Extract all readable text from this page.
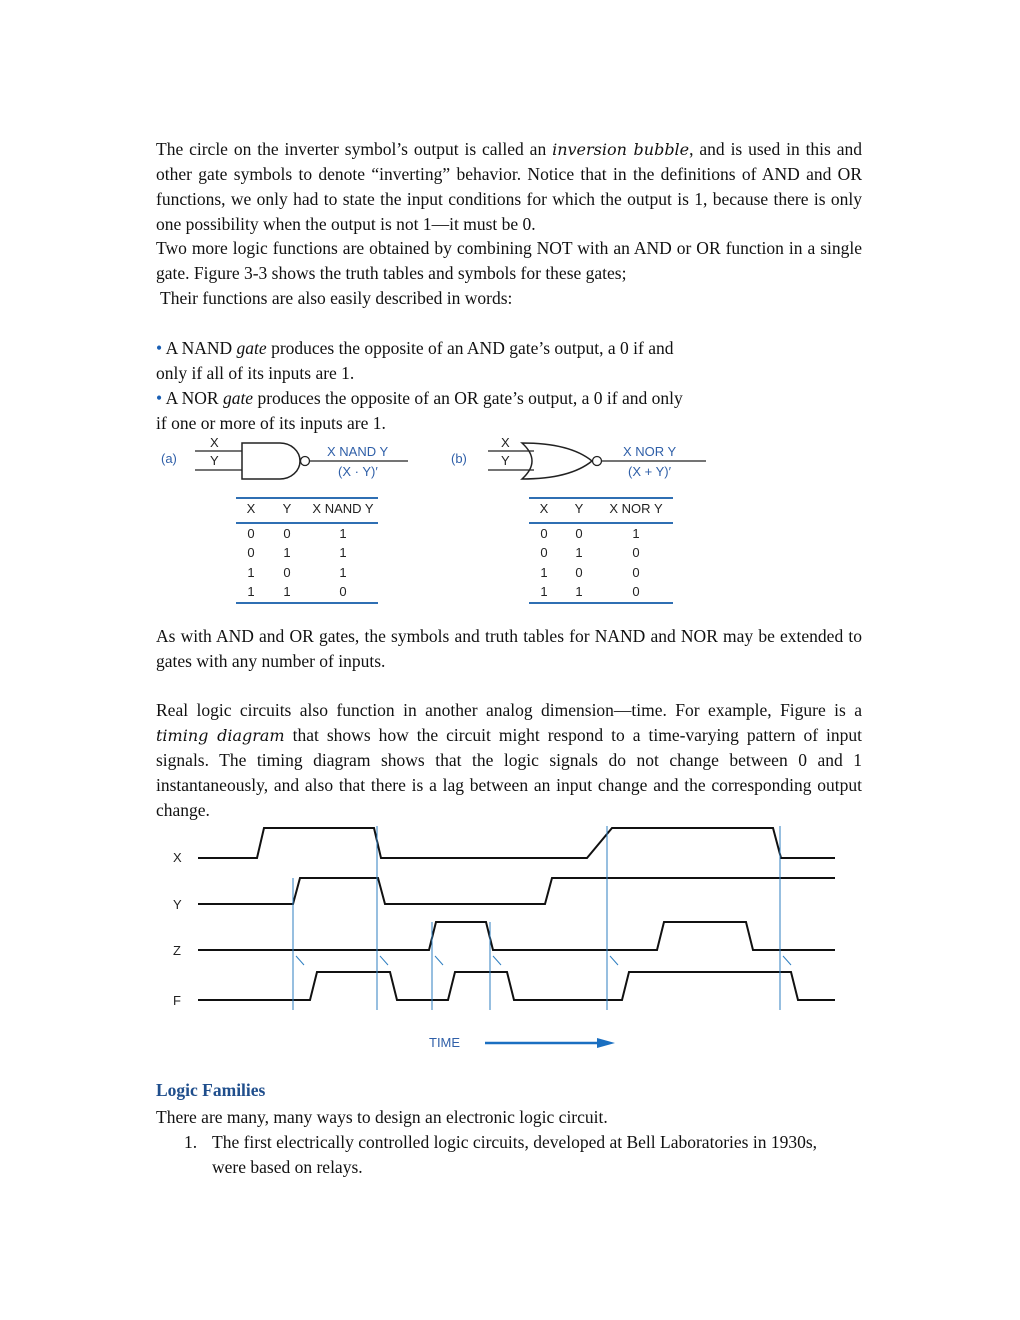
The circle on the inverter symbol’s output is called an inversion bubble, and is used in this and other gate symbols to denote “inverting” behavior. Notice that in the definitions of AND and OR functions, we only had to state the input conditions for which the output is 1, because there is only one possibility when the output is not 1—it must be 0.
Two more logic functions are obtained by combining NOT with an AND or OR function in a single gate. Figure 3-3 shows the truth tables and symbols for these gates;
Their functions are also easily described in words:
• A NAND gate produces the opposite of an AND gate’s output, a 0 if and
only if all of its inputs are 1.
• A NOR gate produces the opposite of an OR gate’s output, a 0 if and only
if one or more of its inputs are 1.
(a)
X
Y
X NAND Y
(X · Y)′
(b)
X
Y
X NOR Y
(X + Y)′
X	Y	X NAND Y
0	0	1
0	1	1
1	0	1
1	1	0
X	Y	X NOR Y
0	0	1
0	1	0
1	0	0
1	1	0
As with AND and OR gates, the symbols and truth tables for NAND and NOR may be extended to gates with any number of inputs.
Real logic circuits also function in another analog dimension—time. For example, Figure is a timing diagram that shows how the circuit might respond to a time-varying pattern of input signals. The timing diagram shows that the logic signals do not change between 0 and 1 instantaneously, and also that there is a lag between an input change and the corresponding output change.
X
Y
Z
F
TIME
Logic Families
There are many, many ways to design an electronic logic circuit.
1. The first electrically controlled logic circuits, developed at Bell Laboratories in 1930s,
were based on relays.
